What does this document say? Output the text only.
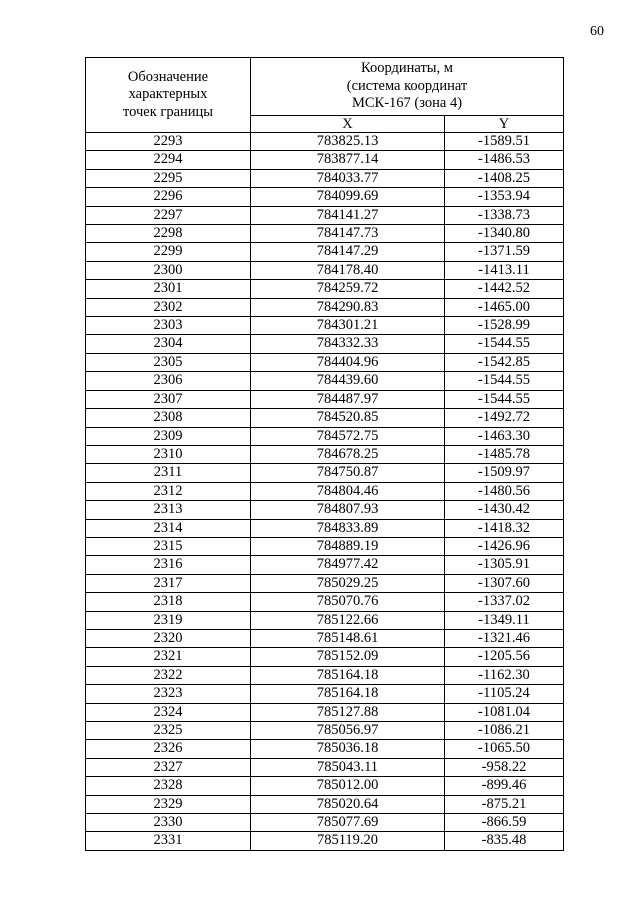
60
Обозначение
характерных
точек границы	Координаты, м
(система координат
МСК-167 (зона 4)	

	X	Y
2293	783825.13	-1589.51
2294	783877.14	-1486.53
2295	784033.77	-1408.25
2296	784099.69	-1353.94
2297	784141.27	-1338.73
2298	784147.73	-1340.80
2299	784147.29	-1371.59
2300	784178.40	-1413.11
2301	784259.72	-1442.52
2302	784290.83	-1465.00
2303	784301.21	-1528.99
2304	784332.33	-1544.55
2305	784404.96	-1542.85
2306	784439.60	-1544.55
2307	784487.97	-1544.55
2308	784520.85	-1492.72
2309	784572.75	-1463.30
2310	784678.25	-1485.78
2311	784750.87	-1509.97
2312	784804.46	-1480.56
2313	784807.93	-1430.42
2314	784833.89	-1418.32
2315	784889.19	-1426.96
2316	784977.42	-1305.91
2317	785029.25	-1307.60
2318	785070.76	-1337.02
2319	785122.66	-1349.11
2320	785148.61	-1321.46
2321	785152.09	-1205.56
2322	785164.18	-1162.30
2323	785164.18	-1105.24
2324	785127.88	-1081.04
2325	785056.97	-1086.21
2326	785036.18	-1065.50
2327	785043.11	-958.22
2328	785012.00	-899.46
2329	785020.64	-875.21
2330	785077.69	-866.59
2331	785119.20	-835.48
